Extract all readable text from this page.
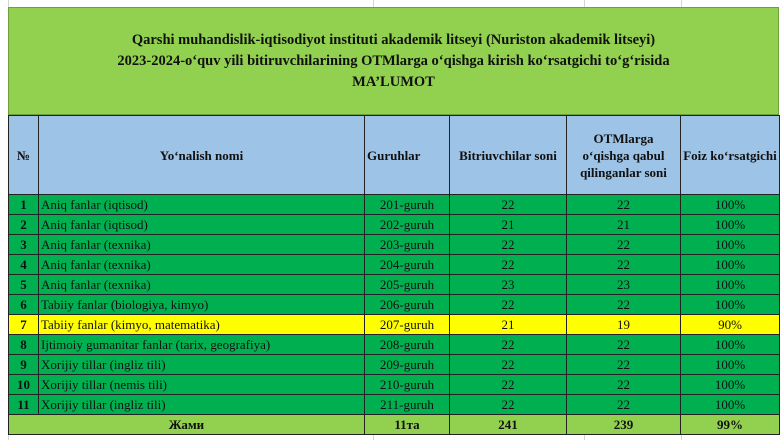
Qarshi muhandislik-iqtisodiyot instituti akademik litseyi (Nuriston akademik litseyi)
2023-2024-o‘quv yili bitiruvchilarining OTMlarga o‘qishga kirish ko‘rsatgichi to‘g‘risida
MA’LUMOT
№	Yo‘nalish nomi	Guruhlar	Bitriuvchilar soni	OTMlarga o‘qishga qabul qilinganlar soni	Foiz ko‘rsatgichi
1	Aniq fanlar (iqtisod)	201-guruh	22	22	100%
2	Aniq fanlar (iqtisod)	202-guruh	21	21	100%
3	Aniq fanlar (texnika)	203-guruh	22	22	100%
4	Aniq fanlar (texnika)	204-guruh	22	22	100%
5	Aniq fanlar (texnika)	205-guruh	23	23	100%
6	Tabiiy fanlar (biologiya, kimyo)	206-guruh	22	22	100%
7	Tabiiy fanlar (kimyo, matematika)	207-guruh	21	19	90%
8	Ijtimoiy gumanitar fanlar (tarix, geografiya)	208-guruh	22	22	100%
9	Xorijiy tillar (ingliz tili)	209-guruh	22	22	100%
10	Xorijiy tillar (nemis tili)	210-guruh	22	22	100%
11	Xorijiy tillar (ingliz tili)	211-guruh	22	22	100%
Жами		11та	241	239	99%
